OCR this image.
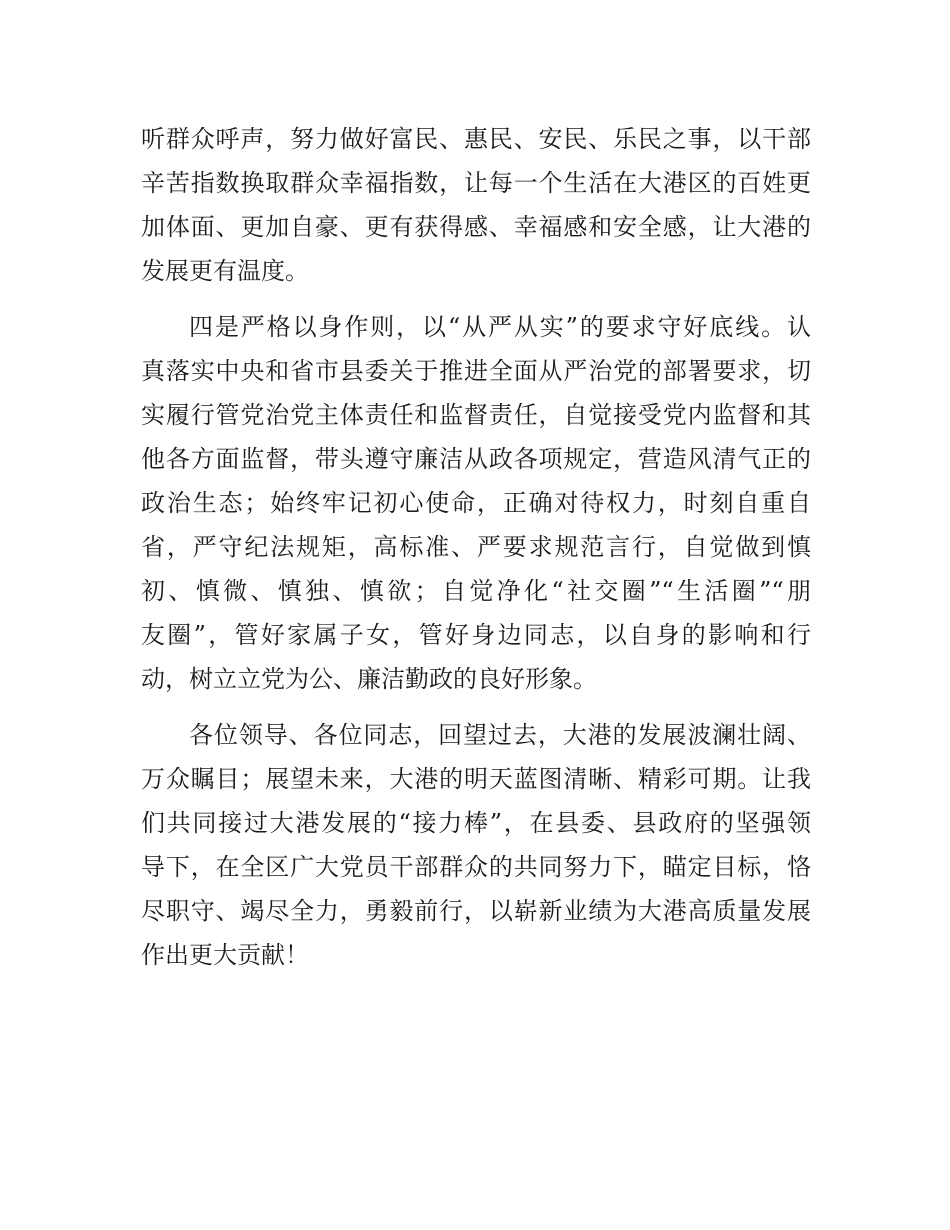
听群众呼声，努力做好富民、惠民、安民、乐民之事，以干部
辛苦指数换取群众幸福指数，让每一个生活在大港区的百姓更
加体面、更加自豪、更有获得感、幸福感和安全感，让大港的
发展更有温度。
四是严格以身作则，以“从严从实”的要求守好底线。认
真落实中央和省市县委关于推进全面从严治党的部署要求，切
实履行管党治党主体责任和监督责任，自觉接受党内监督和其
他各方面监督，带头遵守廉洁从政各项规定，营造风清气正的
政治生态；始终牢记初心使命，正确对待权力，时刻自重自
省，严守纪法规矩，高标准、严要求规范言行，自觉做到慎
初、慎微、慎独、慎欲；自觉净化“社交圈”“生活圈”“朋
友圈”，管好家属子女，管好身边同志，以自身的影响和行
动，树立立党为公、廉洁勤政的良好形象。
各位领导、各位同志，回望过去，大港的发展波澜壮阔、
万众瞩目；展望未来，大港的明天蓝图清晰、精彩可期。让我
们共同接过大港发展的“接力棒”，在县委、县政府的坚强领
导下，在全区广大党员干部群众的共同努力下，瞄定目标，恪
尽职守、竭尽全力，勇毅前行，以崭新业绩为大港高质量发展
作出更大贡献！
